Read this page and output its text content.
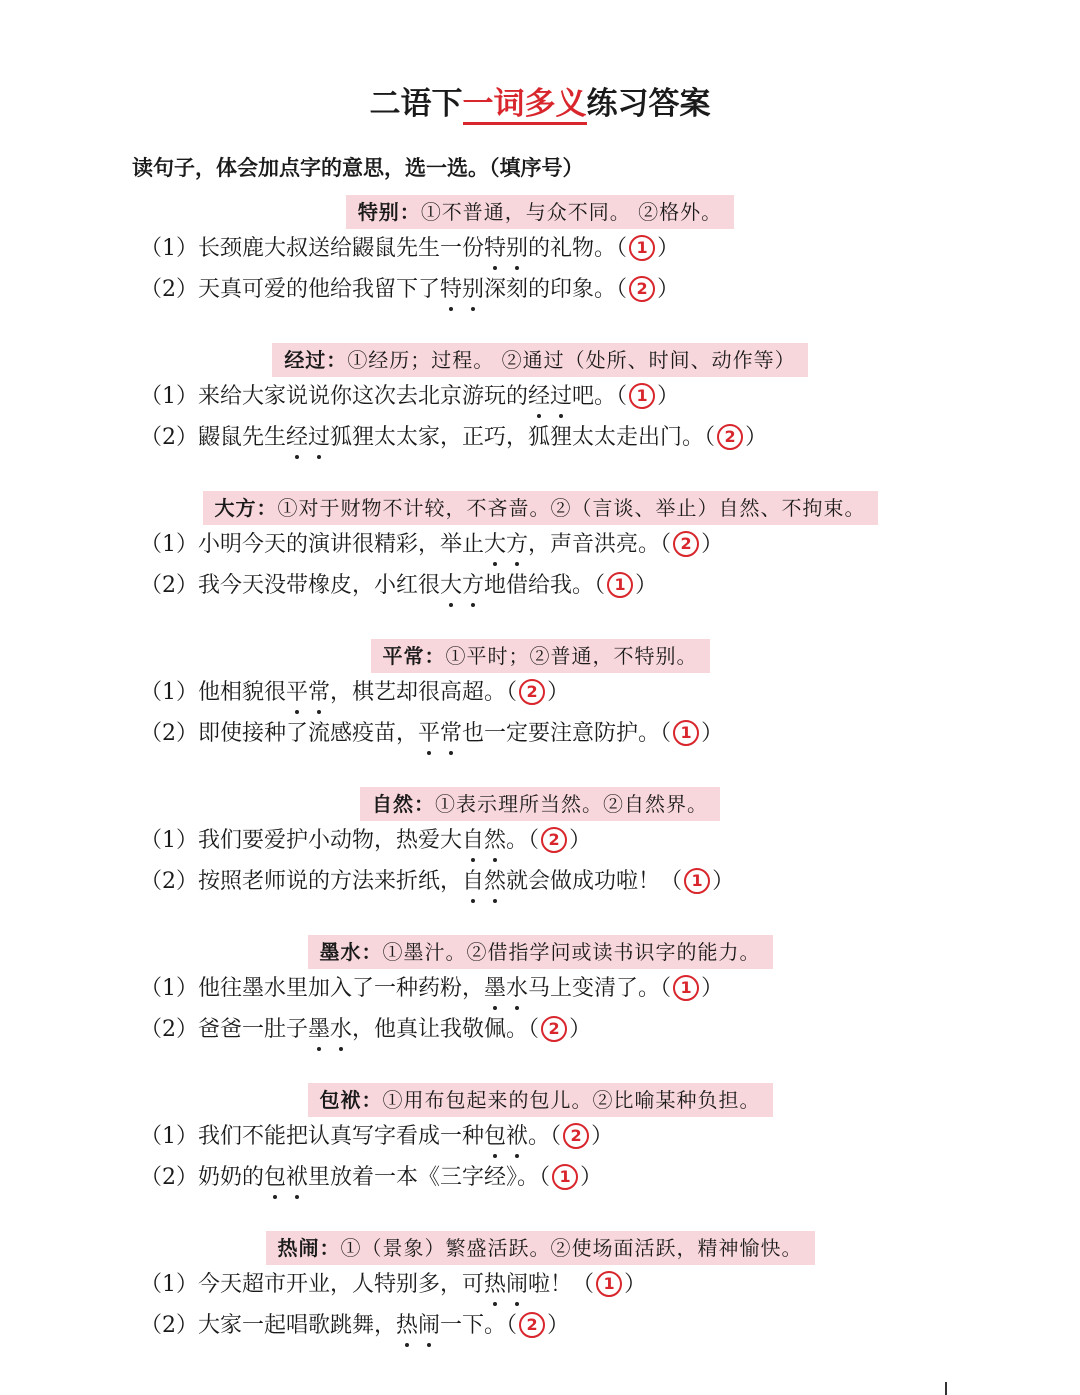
二语下一词多义练习答案
读句子，体会加点字的意思，选一选。（填序号）
特别：①不普通，与众不同。 ②格外。
（1）长颈鹿大叔送给鼹鼠先生一份特别的礼物。（ 1 ）
（2）天真可爱的他给我留下了特别深刻的印象。（ 2 ）
经过：①经历；过程。 ②通过（处所、时间、动作等）
（1）来给大家说说你这次去北京游玩的经过吧。（ 1 ）
（2）鼹鼠先生经过狐狸太太家，正巧，狐狸太太走出门。（ 2 ）
大方：①对于财物不计较，不吝啬。②（言谈、举止）自然、不拘束。
（1）小明今天的演讲很精彩，举止大方，声音洪亮。（ 2 ）
（2）我今天没带橡皮，小红很大方地借给我。（ 1 ）
平常：①平时；②普通，不特别。
（1）他相貌很平常，棋艺却很高超。（ 2 ）
（2）即使接种了流感疫苗，平常也一定要注意防护。（ 1 ）
自然：①表示理所当然。②自然界。
（1）我们要爱护小动物，热爱大自然。（ 2 ）
（2）按照老师说的方法来折纸，自然就会做成功啦！（ 1 ）
墨水：①墨汁。②借指学问或读书识字的能力。
（1）他往墨水里加入了一种药粉，墨水马上变清了。（ 1 ）
（2）爸爸一肚子墨水，他真让我敬佩。（ 2 ）
包袱：①用布包起来的包儿。②比喻某种负担。
（1）我们不能把认真写字看成一种包袱。（ 2 ）
（2）奶奶的包袱里放着一本《三字经》。（ 1 ）
热闹：①（景象）繁盛活跃。②使场面活跃，精神愉快。
（1）今天超市开业，人特别多，可热闹啦！（ 1 ）
（2）大家一起唱歌跳舞，热闹一下。（ 2 ）
